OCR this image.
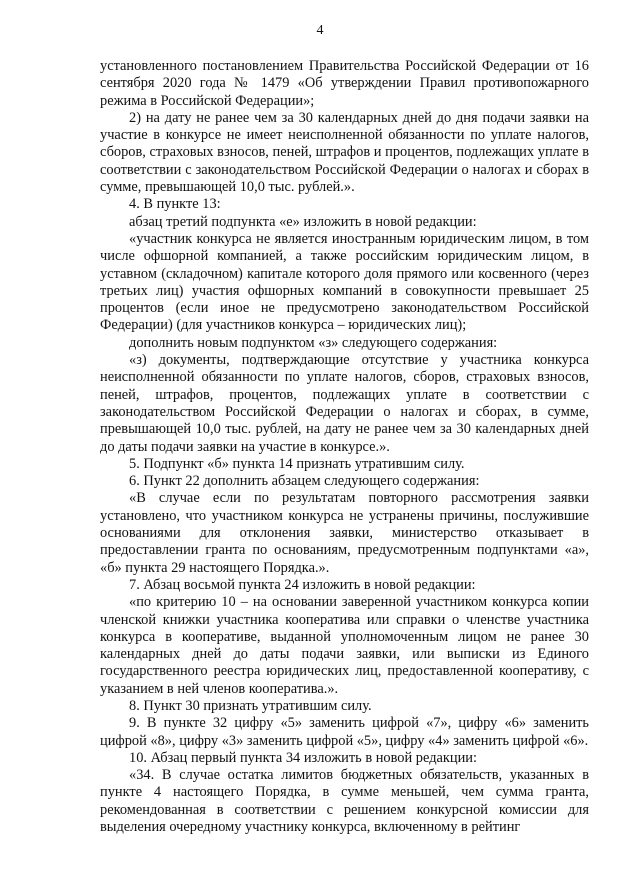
4

установленного постановлением Правительства Российской Федерации от 16 сентября 2020 года № 1479 «Об утверждении Правил противопожарного режима в Российской Федерации»;

2) на дату не ранее чем за 30 календарных дней до дня подачи заявки на участие в конкурсе не имеет неисполненной обязанности по уплате налогов, сборов, страховых взносов, пеней, штрафов и процентов, подлежащих уплате в соответствии с законодательством Российской Федерации о налогах и сборах в сумме, превышающей 10,0 тыс. рублей.».

4. В пункте 13:

абзац третий подпункта «е» изложить в новой редакции:

«участник конкурса не является иностранным юридическим лицом, в том числе офшорной компанией, а также российским юридическим лицом, в уставном (складочном) капитале которого доля прямого или косвенного (через третьих лиц) участия офшорных компаний в совокупности превышает 25 процентов (если иное не предусмотрено законодательством Российской Федерации) (для участников конкурса – юридических лиц);

дополнить новым подпунктом «з» следующего содержания:

«з) документы, подтверждающие отсутствие у участника конкурса неисполненной обязанности по уплате налогов, сборов, страховых взносов, пеней, штрафов, процентов, подлежащих уплате в соответствии с законодательством Российской Федерации о налогах и сборах, в сумме, превышающей 10,0 тыс. рублей, на дату не ранее чем за 30 календарных дней до даты подачи заявки на участие в конкурсе.».

5. Подпункт «б» пункта 14 признать утратившим силу.

6. Пункт 22 дополнить абзацем следующего содержания:

«В случае если по результатам повторного рассмотрения заявки установлено, что участником конкурса не устранены причины, послужившие основаниями для отклонения заявки, министерство отказывает в предоставлении гранта по основаниям, предусмотренным подпунктами «а», «б» пункта 29 настоящего Порядка.».

7. Абзац восьмой пункта 24 изложить в новой редакции:

«по критерию 10 – на основании заверенной участником конкурса копии членской книжки участника кооператива или справки о членстве участника конкурса в кооперативе, выданной уполномоченным лицом не ранее 30 календарных дней до даты подачи заявки, или выписки из Единого государственного реестра юридических лиц, предоставленной кооперативу, с указанием в ней членов кооператива.».

8. Пункт 30 признать утратившим силу.

9. В пункте 32 цифру «5» заменить цифрой «7», цифру «6» заменить цифрой «8», цифру «3» заменить цифрой «5», цифру «4» заменить цифрой «6».

10. Абзац первый пункта 34 изложить в новой редакции:

«34. В случае остатка лимитов бюджетных обязательств, указанных в пункте 4 настоящего Порядка, в сумме меньшей, чем сумма гранта, рекомендованная в соответствии с решением конкурсной комиссии для выделения очередному участнику конкурса, включенному в рейтинг
